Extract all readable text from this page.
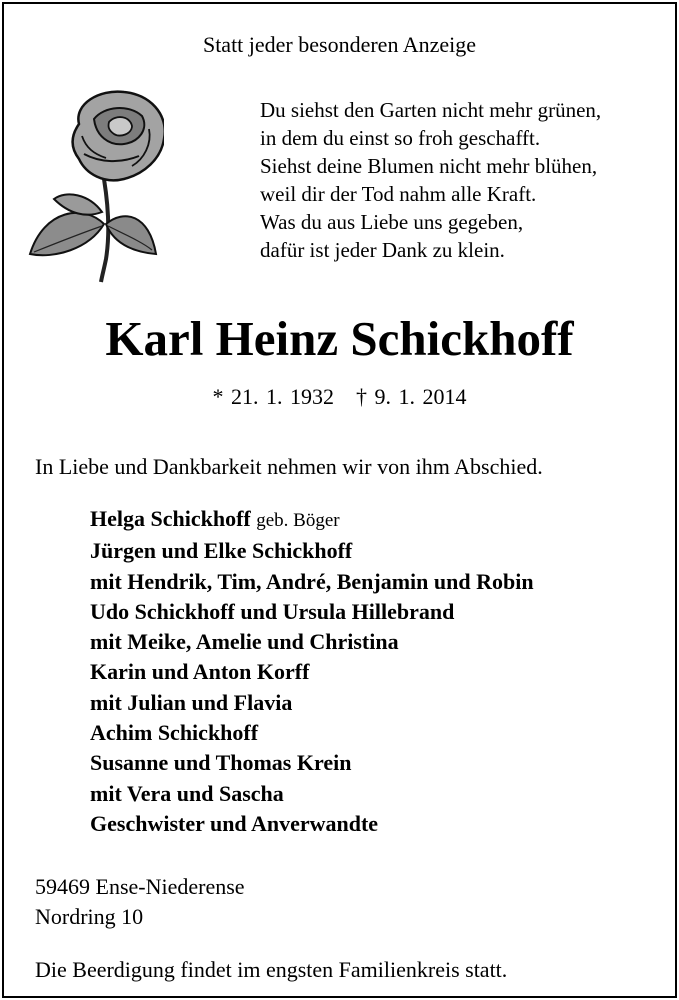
Statt jeder besonderen Anzeige
Du siehst den Garten nicht mehr grünen,
in dem du einst so froh geschafft.
Siehst deine Blumen nicht mehr blühen,
weil dir der Tod nahm alle Kraft.
Was du aus Liebe uns gegeben,
dafür ist jeder Dank zu klein.
Karl Heinz Schickhoff
* 21. 1. 1932 † 9. 1. 2014
In Liebe und Dankbarkeit nehmen wir von ihm Abschied.
Helga Schickhoff geb. Böger
Jürgen und Elke Schickhoff
mit Hendrik, Tim, André, Benjamin und Robin
Udo Schickhoff und Ursula Hillebrand
mit Meike, Amelie und Christina
Karin und Anton Korff
mit Julian und Flavia
Achim Schickhoff
Susanne und Thomas Krein
mit Vera und Sascha
Geschwister und Anverwandte
59469 Ense-Niederense
Nordring 10
Die Beerdigung findet im engsten Familienkreis statt.
